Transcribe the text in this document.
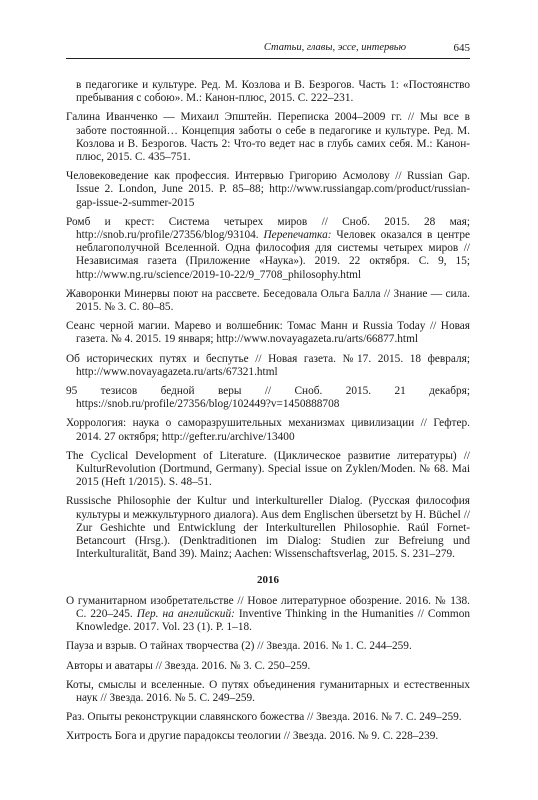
Статьи, главы, эссе, интервью	645

в педагогике и культуре. Ред. М. Козлова и В. Безрогов. Часть 1: «Постоянство пребывания с собою». М.: Канон-плюс, 2015. С. 222–231.

Галина Иванченко — Михаил Эпштейн. Переписка 2004–2009 гг. // Мы все в заботе постоянной… Концепция заботы о себе в педагогике и культуре. Ред. М. Козлова и В. Безрогов. Часть 2: Что-то ведет нас в глубь самих себя. М.: Канон-плюс, 2015. С. 435–751.

Человековедение как профессия. Интервью Григорию Асмолову // Russian Gap. Issue 2. London, June 2015. P. 85–88; http://www.russiangap.com/product/russian-gap-issue-2-summer-2015

Ромб и крест: Система четырех миров // Сноб. 2015. 28 мая; http://snob.ru/profile/27356/blog/93104. Перепечатка: Человек оказался в центре неблагополучной Вселенной. Одна философия для системы четырех миров // Независимая газета (Приложение «Наука»). 2019. 22 октября. С. 9, 15; http://www.ng.ru/science/2019-10-22/9_7708_philosophy.html

Жаворонки Минервы поют на рассвете. Беседовала Ольга Балла // Знание — сила. 2015. № 3. С. 80–85.

Сеанс черной магии. Марево и волшебник: Томас Манн и Russia Today // Новая газета. № 4. 2015. 19 января; http://www.novayagazeta.ru/arts/66877.html

Об исторических путях и беспутье // Новая газета. №17. 2015. 18 февраля; http://www.novayagazeta.ru/arts/67321.html

95 тезисов бедной веры // Сноб. 2015. 21 декабря; https://snob.ru/profile/27356/blog/102449?v=1450888708

Хоррология: наука о саморазрушительных механизмах цивилизации // Гефтер. 2014. 27 октября; http://gefter.ru/archive/13400

The Cyclical Development of Literature. (Циклическое развитие литературы) // KulturRevolution (Dortmund, Germany). Special issue on Zyklen/Moden. № 68. Mai 2015 (Heft 1/2015). S. 48–51.

Russische Philosophie der Kultur und interkultureller Dialog. (Русская философия культуры и межкультурного диалога). Aus dem Englischen übersetzt by H. Büchel // Zur Geshichte und Entwicklung der Interkulturellen Philosophie. Raúl Fornet-Betancourt (Hrsg.). (Denktraditionen im Dialog: Studien zur Befreiung und Interkulturalität, Band 39). Mainz; Aachen: Wissenschaftsverlag, 2015. S. 231–279.

2016

О гуманитарном изобретательстве // Новое литературное обозрение. 2016. № 138. С. 220–245. Пер. на английский: Inventive Thinking in the Humanities // Common Knowledge. 2017. Vol. 23 (1). P. 1–18.

Пауза и взрыв. О тайнах творчества (2) // Звезда. 2016. № 1. С. 244–259.

Авторы и аватары // Звезда. 2016. № 3. С. 250–259.

Коты, смыслы и вселенные. О путях объединения гуманитарных и естественных наук // Звезда. 2016. № 5. С. 249–259.

Раз. Опыты реконструкции славянского божества // Звезда. 2016. № 7. С. 249–259.

Хитрость Бога и другие парадоксы теологии // Звезда. 2016. № 9. С. 228–239.
